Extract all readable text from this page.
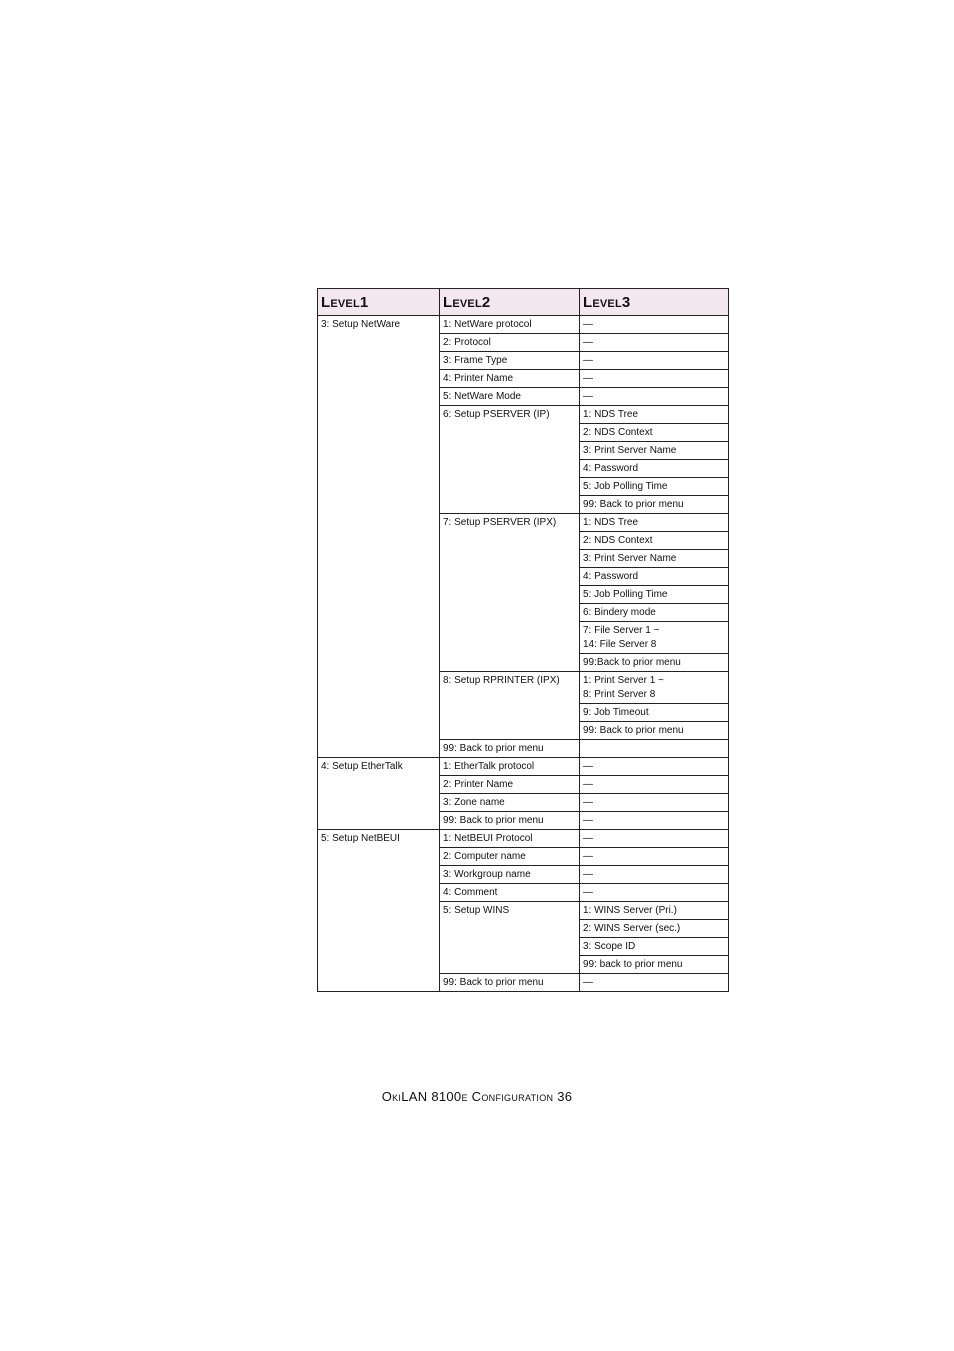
Level1	Level2	Level3
3: Setup NetWare	1: NetWare protocol	—
	2: Protocol	—
	3: Frame Type	—
	4: Printer Name	—
	5: NetWare Mode	—
	6: Setup PSERVER (IP)	1: NDS Tree
		2: NDS Context
		3: Print Server Name
		4: Password
		5: Job Polling Time
		99: Back to prior menu
	7: Setup PSERVER (IPX)	1: NDS Tree
		2: NDS Context
		3: Print Server Name
		4: Password
		5: Job Polling Time
		6: Bindery mode
		7: File Server 1 ~
14: File Server 8
		99:Back to prior menu
	8: Setup RPRINTER (IPX)	1: Print Server 1 ~
8: Print Server 8
		9: Job Timeout
		99: Back to prior menu
	99: Back to prior menu	
4: Setup EtherTalk	1: EtherTalk protocol	—
	2: Printer Name	—
	3: Zone name	—
	99: Back to prior menu	—
5: Setup NetBEUI	1: NetBEUI Protocol	—
	2: Computer name	—
	3: Workgroup name	—
	4: Comment	—
	5: Setup WINS	1: WINS Server (Pri.)
		2: WINS Server (sec.)
		3: Scope ID
		99: back to prior menu
	99: Back to prior menu	—
OkiLAN 8100e Configuration 36
